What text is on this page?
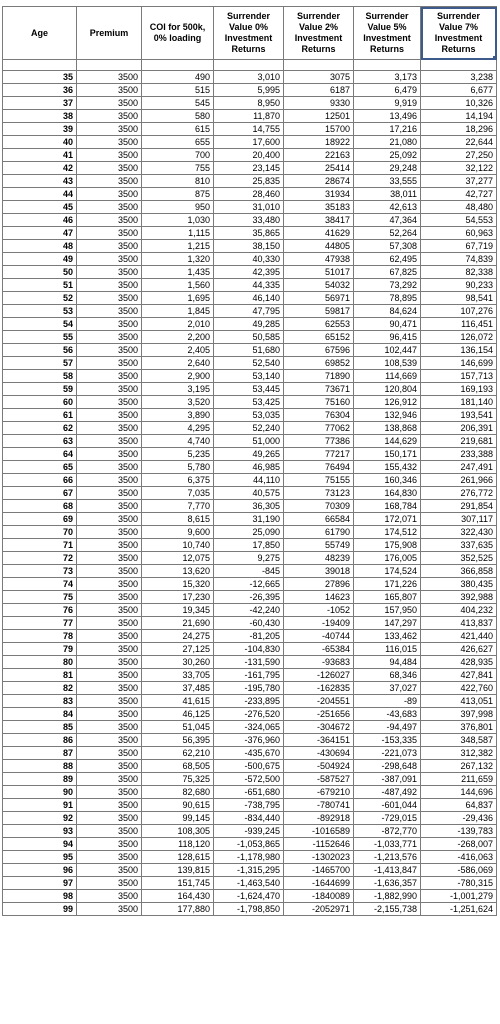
Age	Premium	COI for 500k, 0% loading	Surrender Value 0% Investment Returns	Surrender Value 2% Investment Returns	Surrender Value 5% Investment Returns	Surrender Value 7% Investment Returns

35	3500	490	3,010	3075	3,173	3,238
36	3500	515	5,995	6187	6,479	6,677
37	3500	545	8,950	9330	9,919	10,326
38	3500	580	11,870	12501	13,496	14,194
39	3500	615	14,755	15700	17,216	18,296
40	3500	655	17,600	18922	21,080	22,644
41	3500	700	20,400	22163	25,092	27,250
42	3500	755	23,145	25414	29,248	32,122
43	3500	810	25,835	28674	33,555	37,277
44	3500	875	28,460	31934	38,011	42,727
45	3500	950	31,010	35183	42,613	48,480
46	3500	1,030	33,480	38417	47,364	54,553
47	3500	1,115	35,865	41629	52,264	60,963
48	3500	1,215	38,150	44805	57,308	67,719
49	3500	1,320	40,330	47938	62,495	74,839
50	3500	1,435	42,395	51017	67,825	82,338
51	3500	1,560	44,335	54032	73,292	90,233
52	3500	1,695	46,140	56971	78,895	98,541
53	3500	1,845	47,795	59817	84,624	107,276
54	3500	2,010	49,285	62553	90,471	116,451
55	3500	2,200	50,585	65152	96,415	126,072
56	3500	2,405	51,680	67596	102,447	136,154
57	3500	2,640	52,540	69852	108,539	146,699
58	3500	2,900	53,140	71890	114,669	157,713
59	3500	3,195	53,445	73671	120,804	169,193
60	3500	3,520	53,425	75160	126,912	181,140
61	3500	3,890	53,035	76304	132,946	193,541
62	3500	4,295	52,240	77062	138,868	206,391
63	3500	4,740	51,000	77386	144,629	219,681
64	3500	5,235	49,265	77217	150,171	233,388
65	3500	5,780	46,985	76494	155,432	247,491
66	3500	6,375	44,110	75155	160,346	261,966
67	3500	7,035	40,575	73123	164,830	276,772
68	3500	7,770	36,305	70309	168,784	291,854
69	3500	8,615	31,190	66584	172,071	307,117
70	3500	9,600	25,090	61790	174,512	322,430
71	3500	10,740	17,850	55749	175,908	337,635
72	3500	12,075	9,275	48239	176,005	352,525
73	3500	13,620	-845	39018	174,524	366,858
74	3500	15,320	-12,665	27896	171,226	380,435
75	3500	17,230	-26,395	14623	165,807	392,988
76	3500	19,345	-42,240	-1052	157,950	404,232
77	3500	21,690	-60,430	-19409	147,297	413,837
78	3500	24,275	-81,205	-40744	133,462	421,440
79	3500	27,125	-104,830	-65384	116,015	426,627
80	3500	30,260	-131,590	-93683	94,484	428,935
81	3500	33,705	-161,795	-126027	68,346	427,841
82	3500	37,485	-195,780	-162835	37,027	422,760
83	3500	41,615	-233,895	-204551	-89	413,051
84	3500	46,125	-276,520	-251656	-43,683	397,998
85	3500	51,045	-324,065	-304672	-94,497	376,801
86	3500	56,395	-376,960	-364151	-153,335	348,587
87	3500	62,210	-435,670	-430694	-221,073	312,382
88	3500	68,505	-500,675	-504924	-298,648	267,132
89	3500	75,325	-572,500	-587527	-387,091	211,659
90	3500	82,680	-651,680	-679210	-487,492	144,696
91	3500	90,615	-738,795	-780741	-601,044	64,837
92	3500	99,145	-834,440	-892918	-729,015	-29,436
93	3500	108,305	-939,245	-1016589	-872,770	-139,783
94	3500	118,120	-1,053,865	-1152646	-1,033,771	-268,007
95	3500	128,615	-1,178,980	-1302023	-1,213,576	-416,063
96	3500	139,815	-1,315,295	-1465700	-1,413,847	-586,069
97	3500	151,745	-1,463,540	-1644699	-1,636,357	-780,315
98	3500	164,430	-1,624,470	-1840089	-1,882,990	-1,001,279
99	3500	177,880	-1,798,850	-2052971	-2,155,738	-1,251,624
